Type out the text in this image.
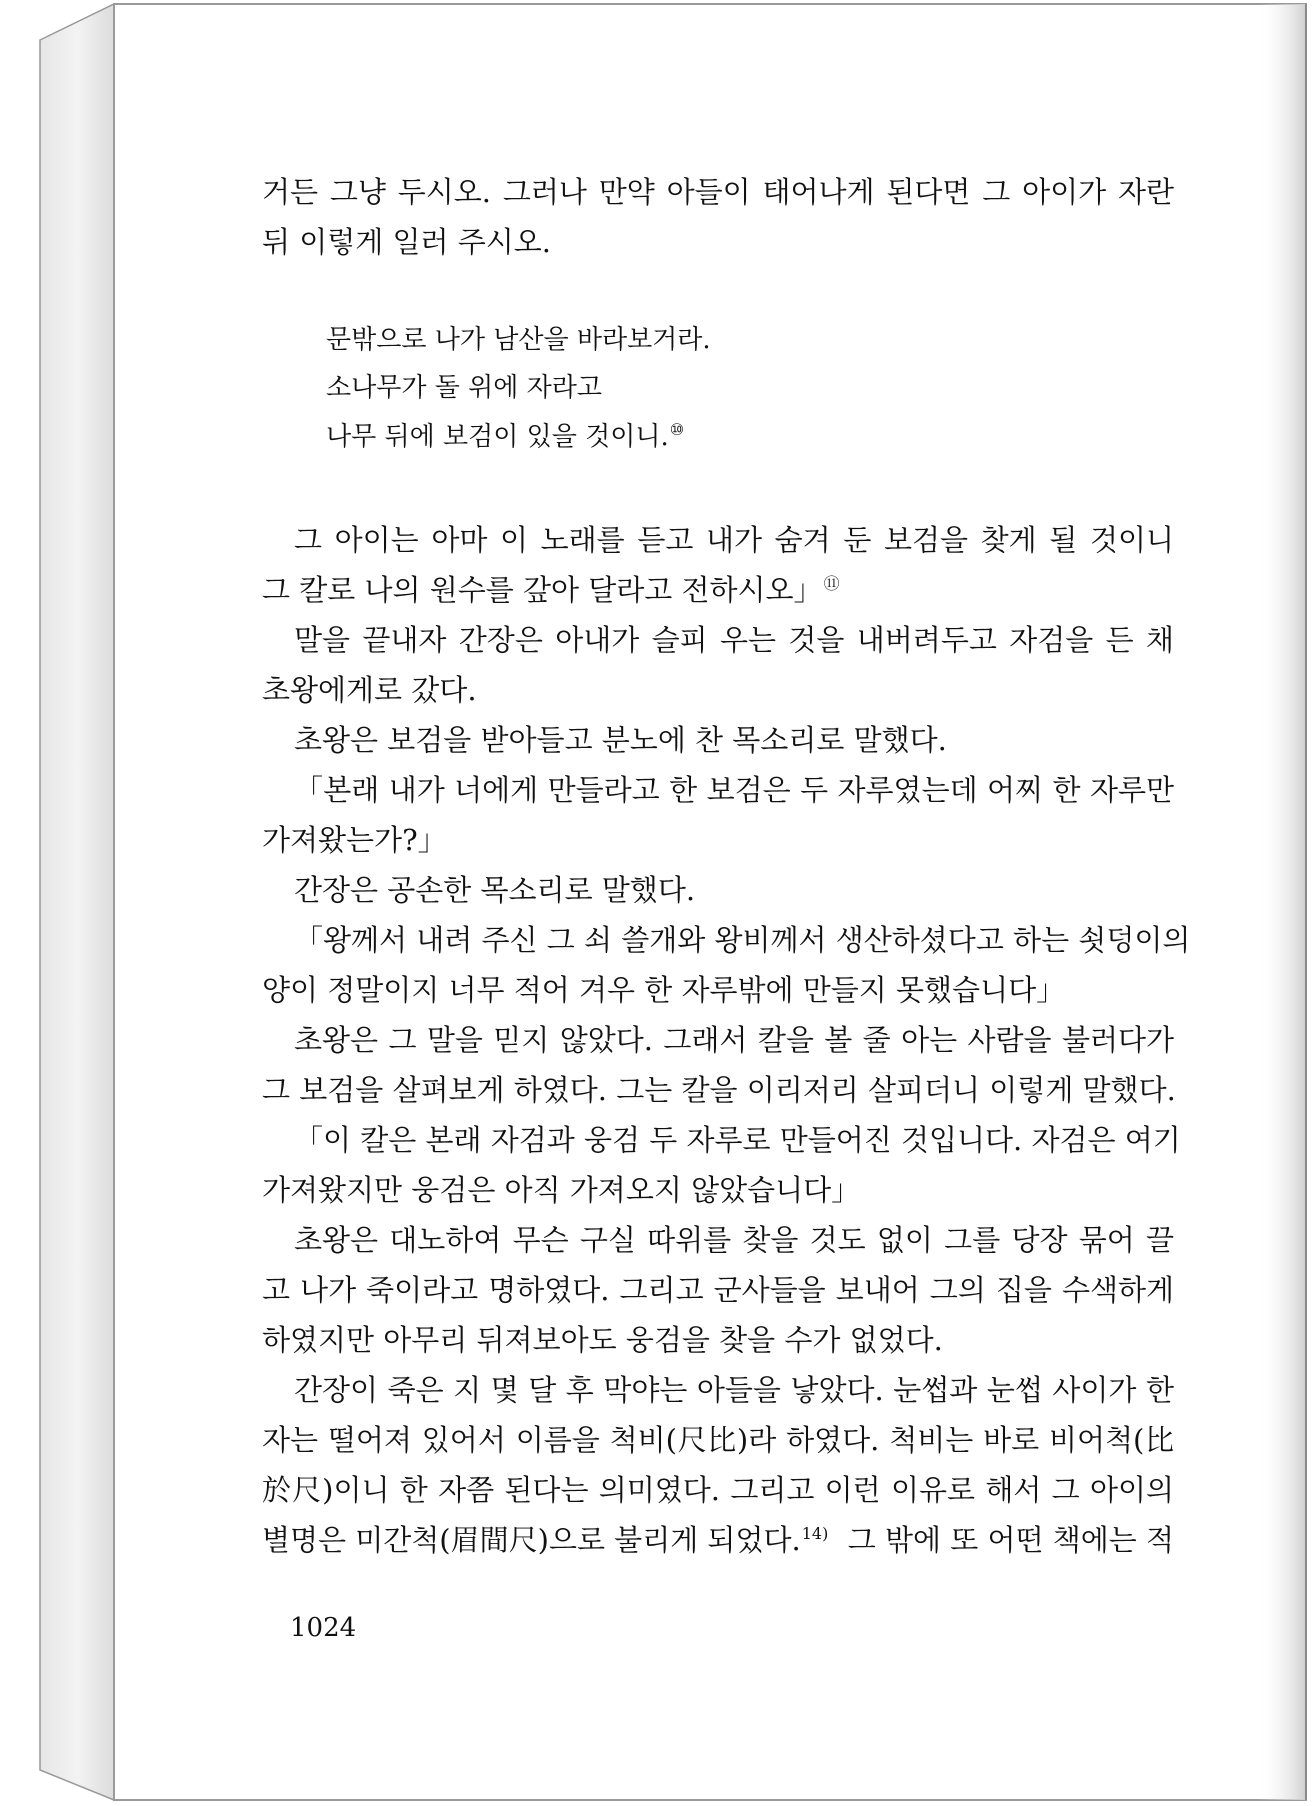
거든 그냥 두시오. 그러나 만약 아들이 태어나게 된다면 그 아이가 자란
뒤 이렇게 일러 주시오.
문밖으로 나가 남산을 바라보거라.
소나무가 돌 위에 자라고
나무 뒤에 보검이 있을 것이니.⑩
그 아이는 아마 이 노래를 듣고 내가 숨겨 둔 보검을 찾게 될 것이니
그 칼로 나의 원수를 갚아 달라고 전하시오」⑪
말을 끝내자 간장은 아내가 슬피 우는 것을 내버려두고 자검을 든 채
초왕에게로 갔다.
초왕은 보검을 받아들고 분노에 찬 목소리로 말했다.
「본래 내가 너에게 만들라고 한 보검은 두 자루였는데 어찌 한 자루만
가져왔는가?」
간장은 공손한 목소리로 말했다.
「왕께서 내려 주신 그 쇠 쓸개와 왕비께서 생산하셨다고 하는 쇳덩이의
양이 정말이지 너무 적어 겨우 한 자루밖에 만들지 못했습니다」
초왕은 그 말을 믿지 않았다. 그래서 칼을 볼 줄 아는 사람을 불러다가
그 보검을 살펴보게 하였다. 그는 칼을 이리저리 살피더니 이렇게 말했다.
「이 칼은 본래 자검과 웅검 두 자루로 만들어진 것입니다. 자검은 여기
가져왔지만 웅검은 아직 가져오지 않았습니다」
초왕은 대노하여 무슨 구실 따위를 찾을 것도 없이 그를 당장 묶어 끌
고 나가 죽이라고 명하였다. 그리고 군사들을 보내어 그의 집을 수색하게
하였지만 아무리 뒤져보아도 웅검을 찾을 수가 없었다.
간장이 죽은 지 몇 달 후 막야는 아들을 낳았다. 눈썹과 눈썹 사이가 한
자는 떨어져 있어서 이름을 척비(尺比)라 하였다. 척비는 바로 비어척(比
於尺)이니 한 자쯤 된다는 의미였다. 그리고 이런 이유로 해서 그 아이의
별명은 미간척(眉間尺)으로 불리게 되었다.$^{14)}$ 그 밖에 또 어떤 책에는 적
1024
